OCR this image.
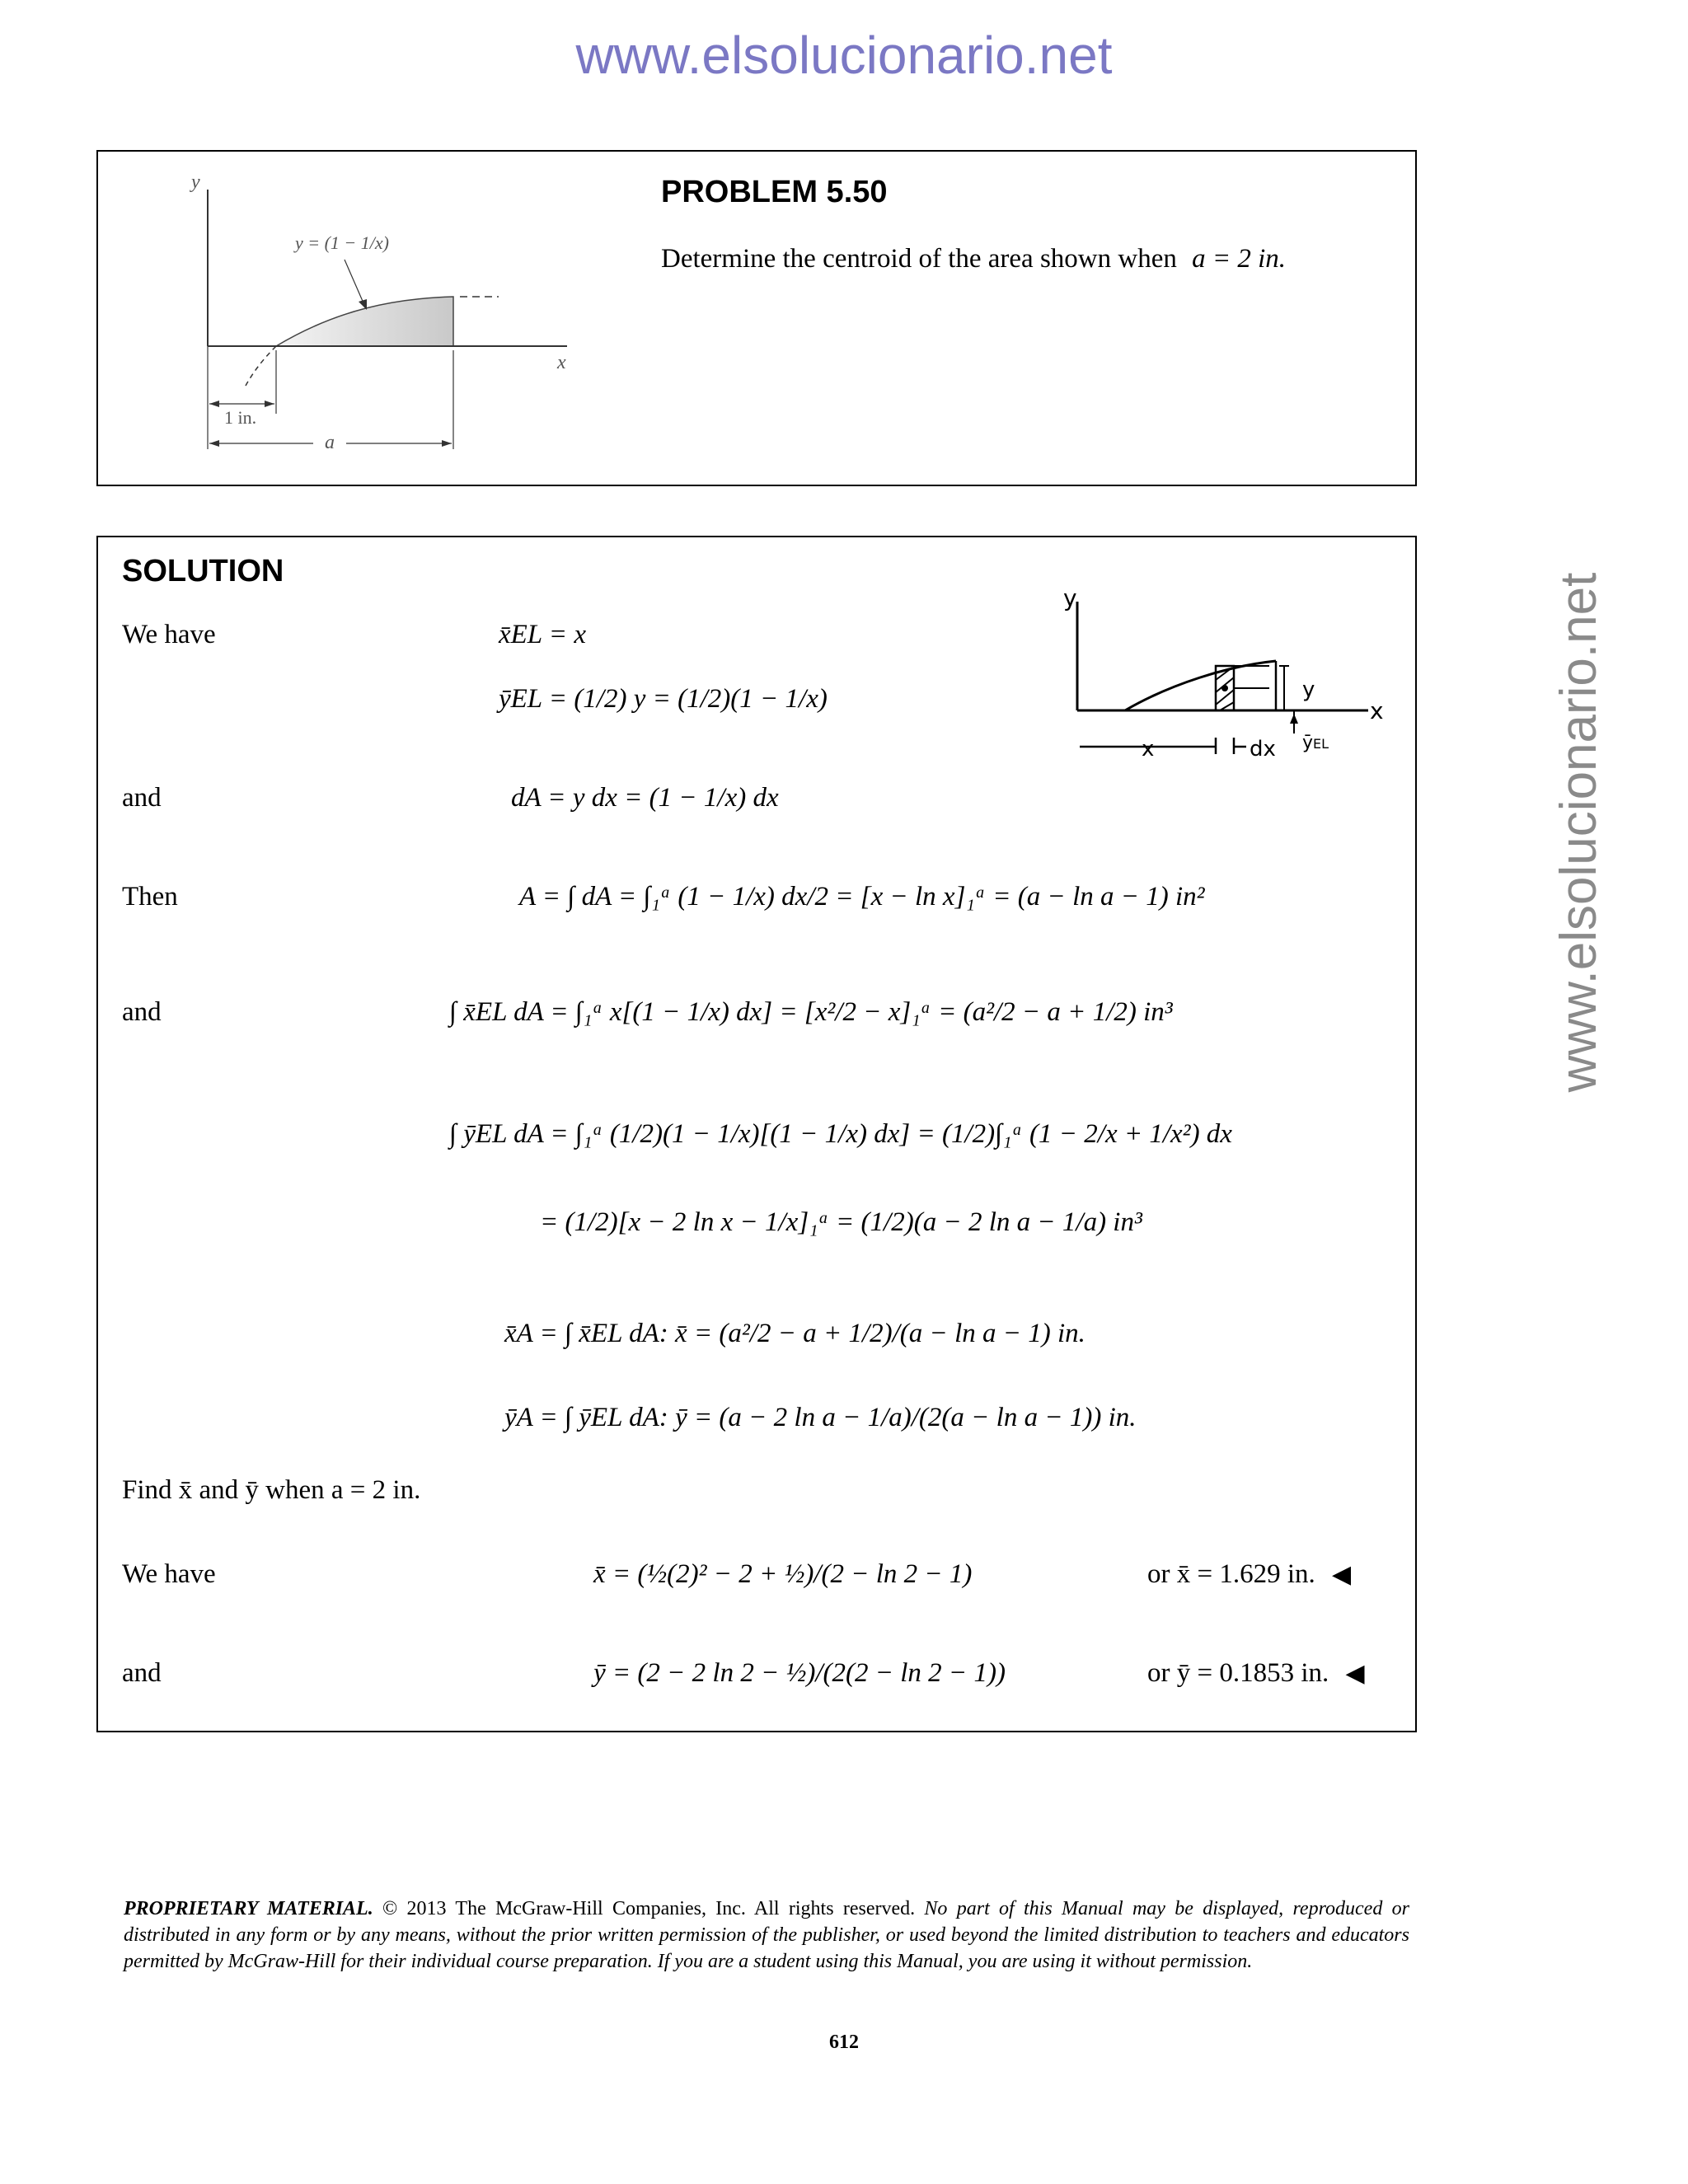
www.elsolucionario.net
www.elsolucionario.net
y
x
y = (1 − 1/x)
1 in.
a
PROBLEM 5.50
Determine the centroid of the area shown when a = 2 in.
SOLUTION
y
x
y
x	dx ȳEL
We have	x̄EL = x
ȳEL = (1/2) y = (1/2)(1 − 1/x)
and	dA = y dx = (1 − 1/x) dx
Then	A = ∫ dA = ∫₁ᵃ (1 − 1/x) dx/2 = [x − ln x]₁ᵃ = (a − ln a − 1) in²
and	∫ x̄EL dA = ∫₁ᵃ x[(1 − 1/x) dx] = [x²/2 − x]₁ᵃ = (a²/2 − a + 1/2) in³
∫ ȳEL dA = ∫₁ᵃ (1/2)(1 − 1/x)[(1 − 1/x) dx] = (1/2)∫₁ᵃ (1 − 2/x + 1/x²) dx
= (1/2)[x − 2 ln x − 1/x]₁ᵃ = (1/2)(a − 2 ln a − 1/a) in³
x̄A = ∫ x̄EL dA: x̄ = (a²/2 − a + 1/2)/(a − ln a − 1) in.
ȳA = ∫ ȳEL dA: ȳ = (a − 2 ln a − 1/a)/(2(a − ln a − 1)) in.
Find x̄ and ȳ when a = 2 in.
We have	x̄ = (½(2)² − 2 + ½)/(2 − ln 2 − 1)	or x̄ = 1.629 in. ◀
and	ȳ = (2 − 2 ln 2 − ½)/(2(2 − ln 2 − 1))	or ȳ = 0.1853 in. ◀
PROPRIETARY MATERIAL. © 2013 The McGraw-Hill Companies, Inc. All rights reserved. No part of this Manual may be displayed, reproduced or distributed in any form or by any means, without the prior written permission of the publisher, or used beyond the limited distribution to teachers and educators permitted by McGraw-Hill for their individual course preparation. If you are a student using this Manual, you are using it without permission.
612
